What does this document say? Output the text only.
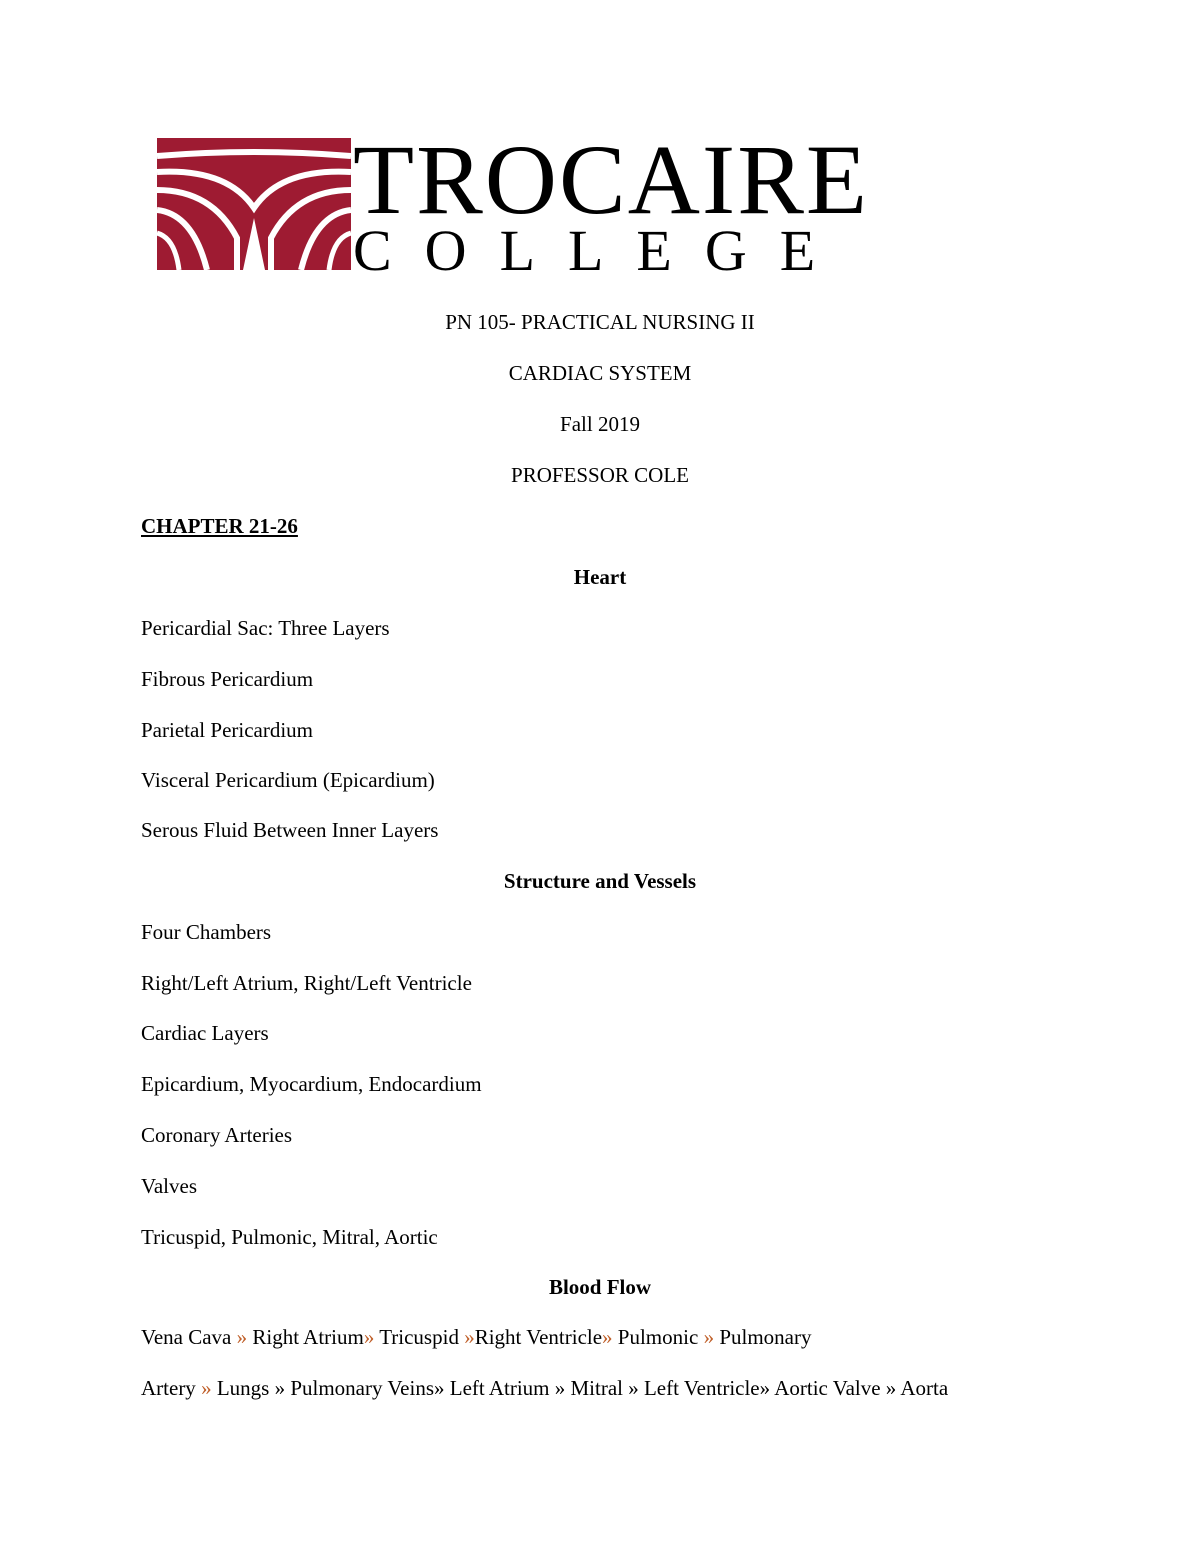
TROCAIRE
COLLEGE
PN 105- PRACTICAL NURSING II
CARDIAC SYSTEM
Fall 2019
PROFESSOR COLE
CHAPTER 21-26
Heart
Pericardial Sac: Three Layers
Fibrous Pericardium
Parietal Pericardium
Visceral Pericardium (Epicardium)
Serous Fluid Between Inner Layers
Structure and Vessels
Four Chambers
Right/Left Atrium, Right/Left Ventricle
Cardiac Layers
Epicardium, Myocardium, Endocardium
Coronary Arteries
Valves
Tricuspid, Pulmonic, Mitral, Aortic
Blood Flow
Vena Cava » Right Atrium» Tricuspid »Right Ventricle» Pulmonic » Pulmonary
Artery » Lungs » Pulmonary Veins» Left Atrium » Mitral » Left Ventricle» Aortic Valve » Aorta
